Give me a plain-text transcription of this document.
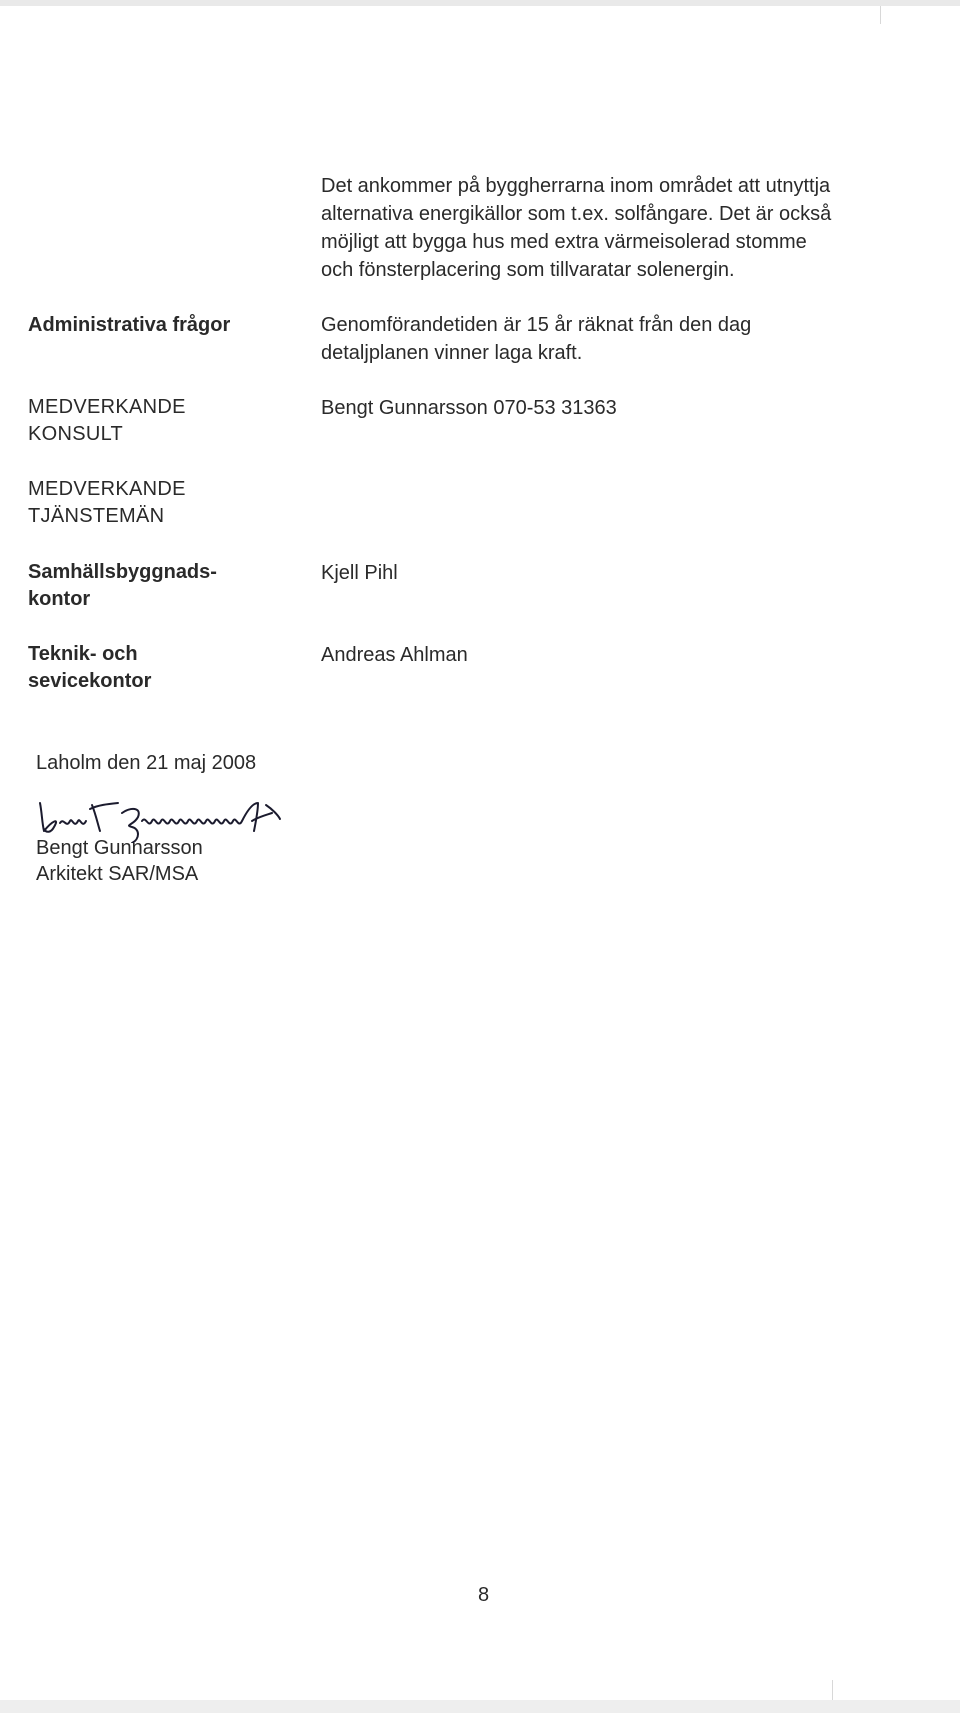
Det ankommer på byggherrarna inom området att utnyttja
alternativa energikällor som t.ex. solfångare. Det är också
möjligt att bygga hus med extra värmeisolerad stomme
och fönsterplacering som tillvaratar solenergin.
Administrativa frågor	Genomförandetiden är 15 år räknat från den dag
detaljplanen vinner laga kraft.
MEDVERKANDE
KONSULT
Bengt Gunnarsson 070-53 31363
MEDVERKANDE
TJÄNSTEMÄN
Samhällsbyggnads-
kontor
Kjell Pihl
Teknik- och
sevicekontor
Andreas Ahlman
Laholm den 21 maj 2008
Bengt Gunnarsson
Arkitekt SAR/MSA
8
